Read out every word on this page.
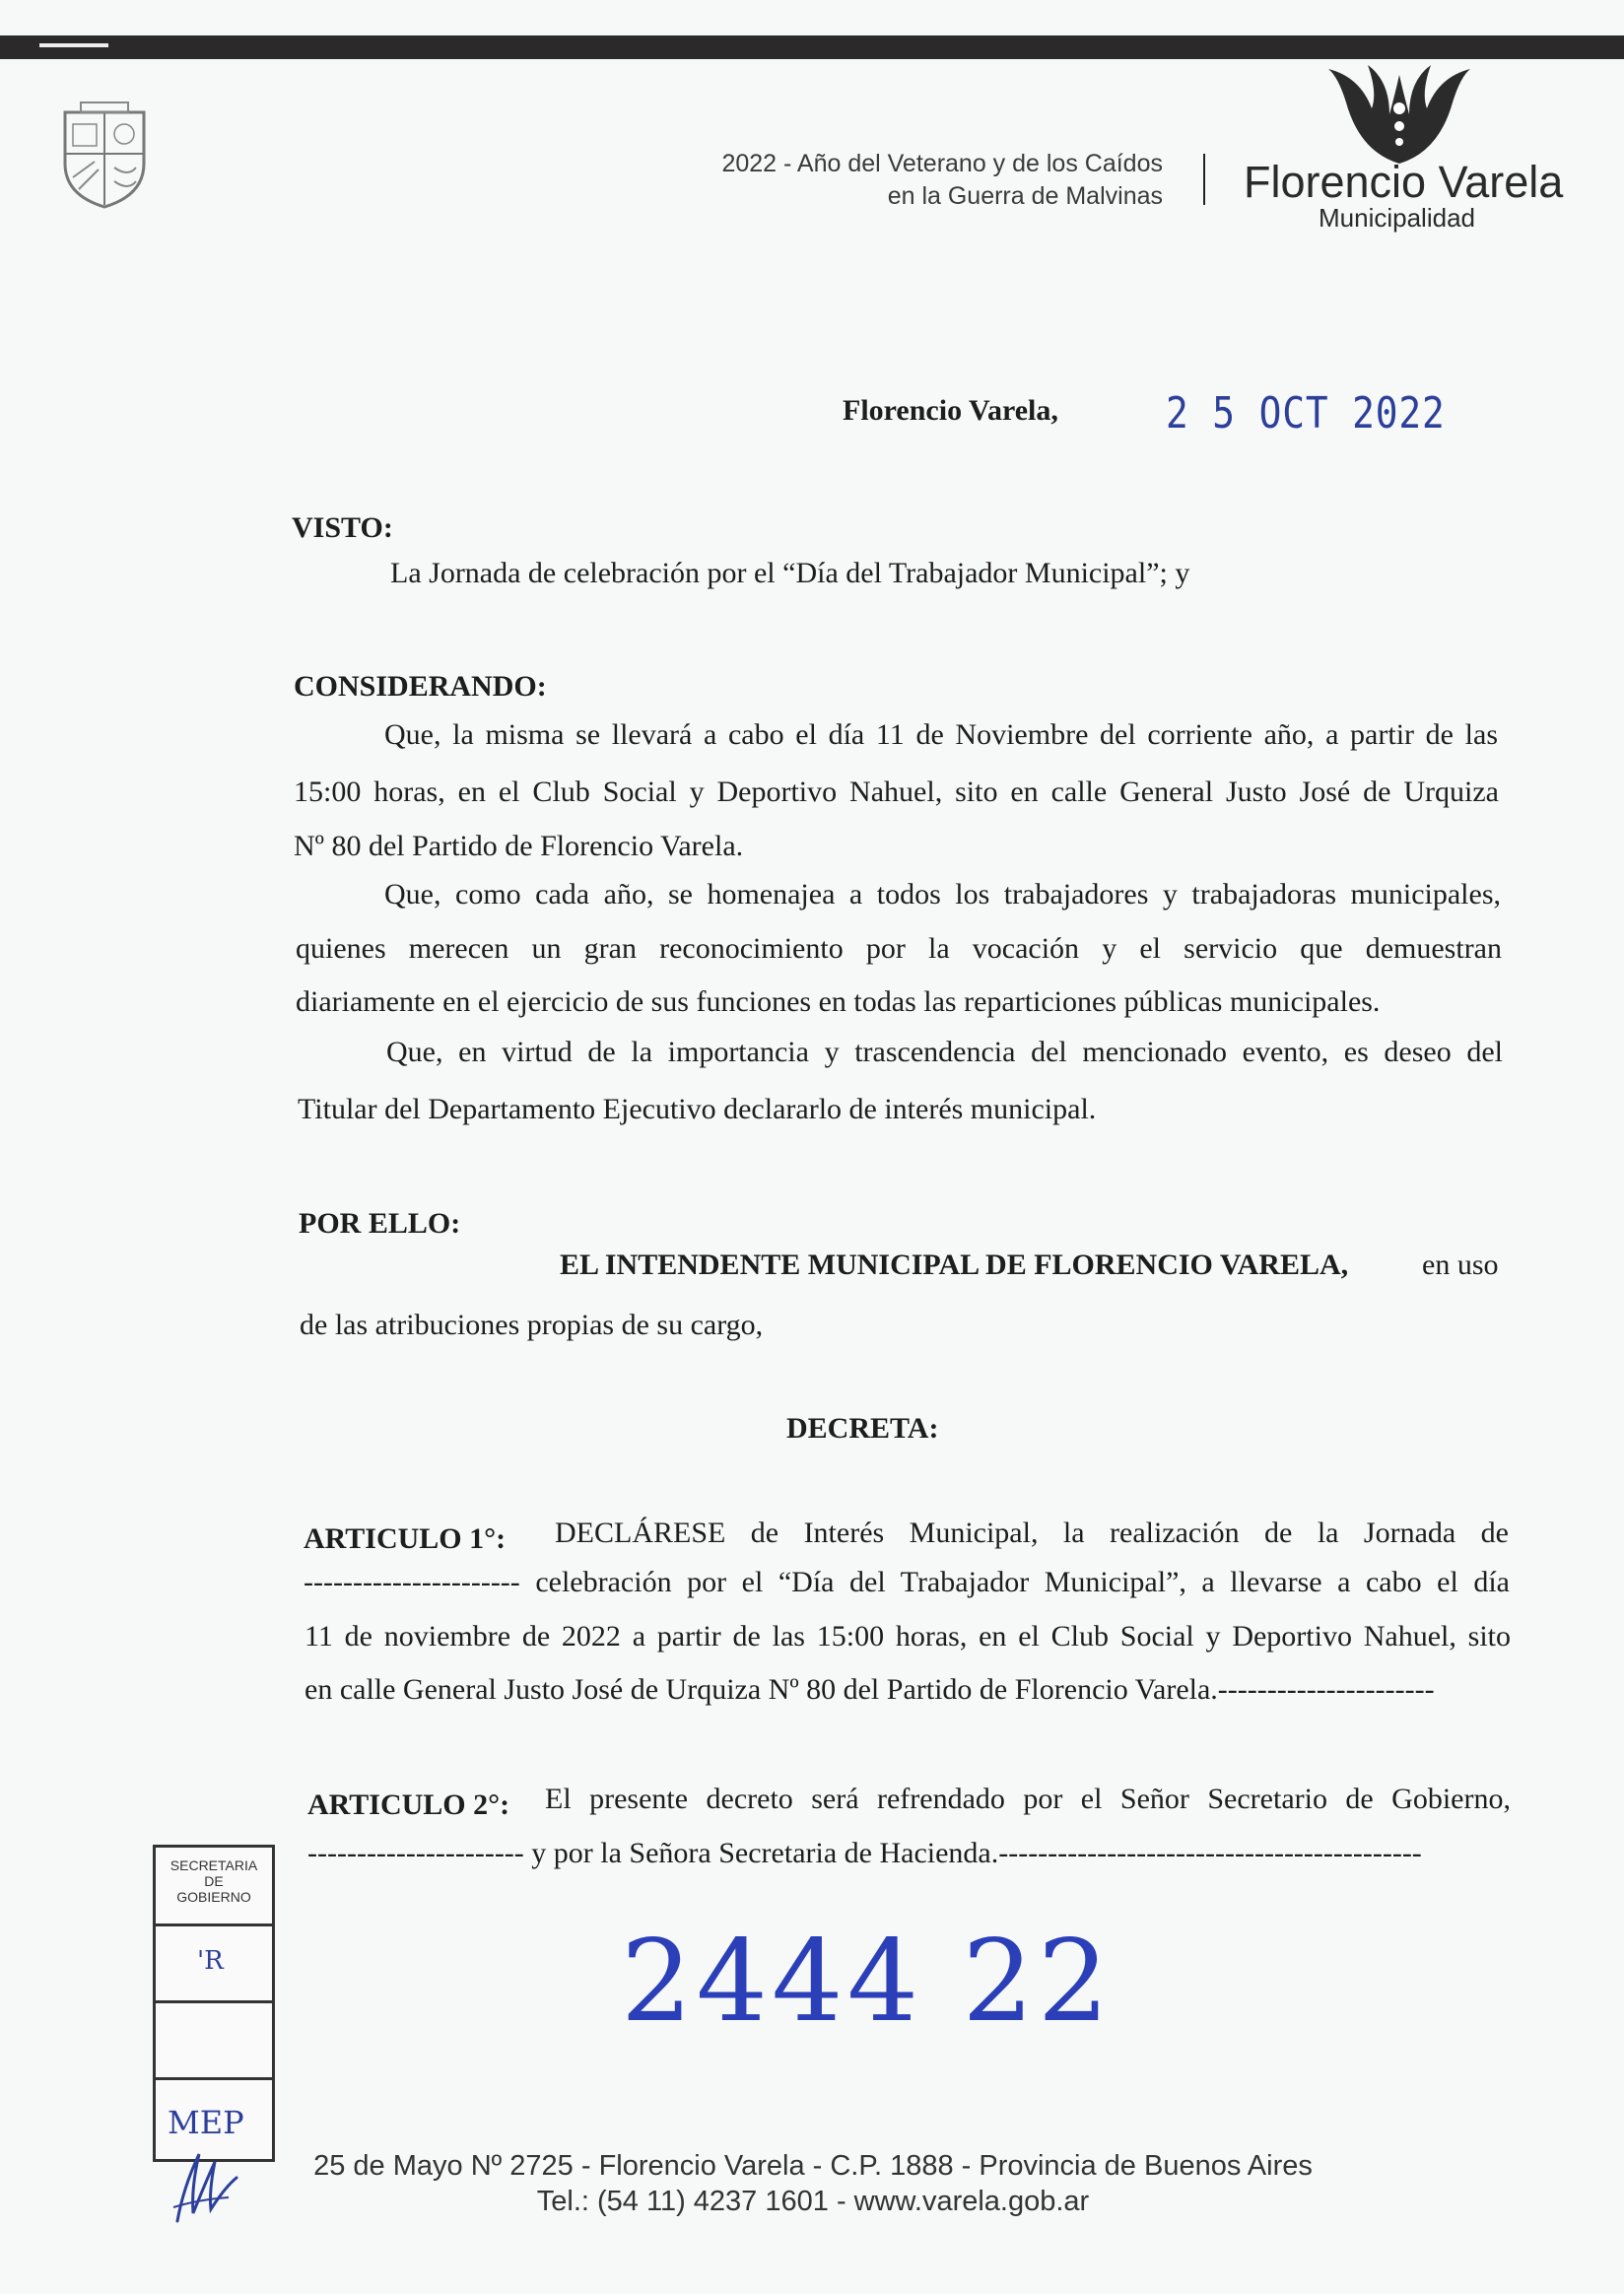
2022 - Año del Veterano y de los Caídos
en la Guerra de Malvinas Florencio Varela
Municipalidad
Florencio Varela, 2 5 OCT 2022
VISTO:
La Jornada de celebración por el “Día del Trabajador Municipal”; y
CONSIDERANDO:
Que, la misma se llevará a cabo el día 11 de Noviembre del corriente año, a partir de las
15:00 horas, en el Club Social y Deportivo Nahuel, sito en calle General Justo José de Urquiza
Nº 80 del Partido de Florencio Varela.
Que, como cada año, se homenajea a todos los trabajadores y trabajadoras municipales,
quienes merecen un gran reconocimiento por la vocación y el servicio que demuestran
diariamente en el ejercicio de sus funciones en todas las reparticiones públicas municipales.
Que, en virtud de la importancia y trascendencia del mencionado evento, es deseo del
Titular del Departamento Ejecutivo declararlo de interés municipal.
POR ELLO:
EL INTENDENTE MUNICIPAL DE FLORENCIO VARELA, en uso
de las atribuciones propias de su cargo,
DECRETA:
ARTICULO 1°: DECLÁRESE de Interés Municipal, la realización de la Jornada de
---------------------- celebración por el “Día del Trabajador Municipal”, a llevarse a cabo el día
11 de noviembre de 2022 a partir de las 15:00 horas, en el Club Social y Deportivo Nahuel, sito
en calle General Justo José de Urquiza Nº 80 del Partido de Florencio Varela.----------------------
ARTICULO 2°: El presente decreto será refrendado por el Señor Secretario de Gobierno,
---------------------- y por la Señora Secretaria de Hacienda.-------------------------------------------
SECRETARIA
DE
GOBIERNO
'R
MEP
2444 22
25 de Mayo Nº 2725 - Florencio Varela - C.P. 1888 - Provincia de Buenos Aires
Tel.: (54 11) 4237 1601 - www.varela.gob.ar
